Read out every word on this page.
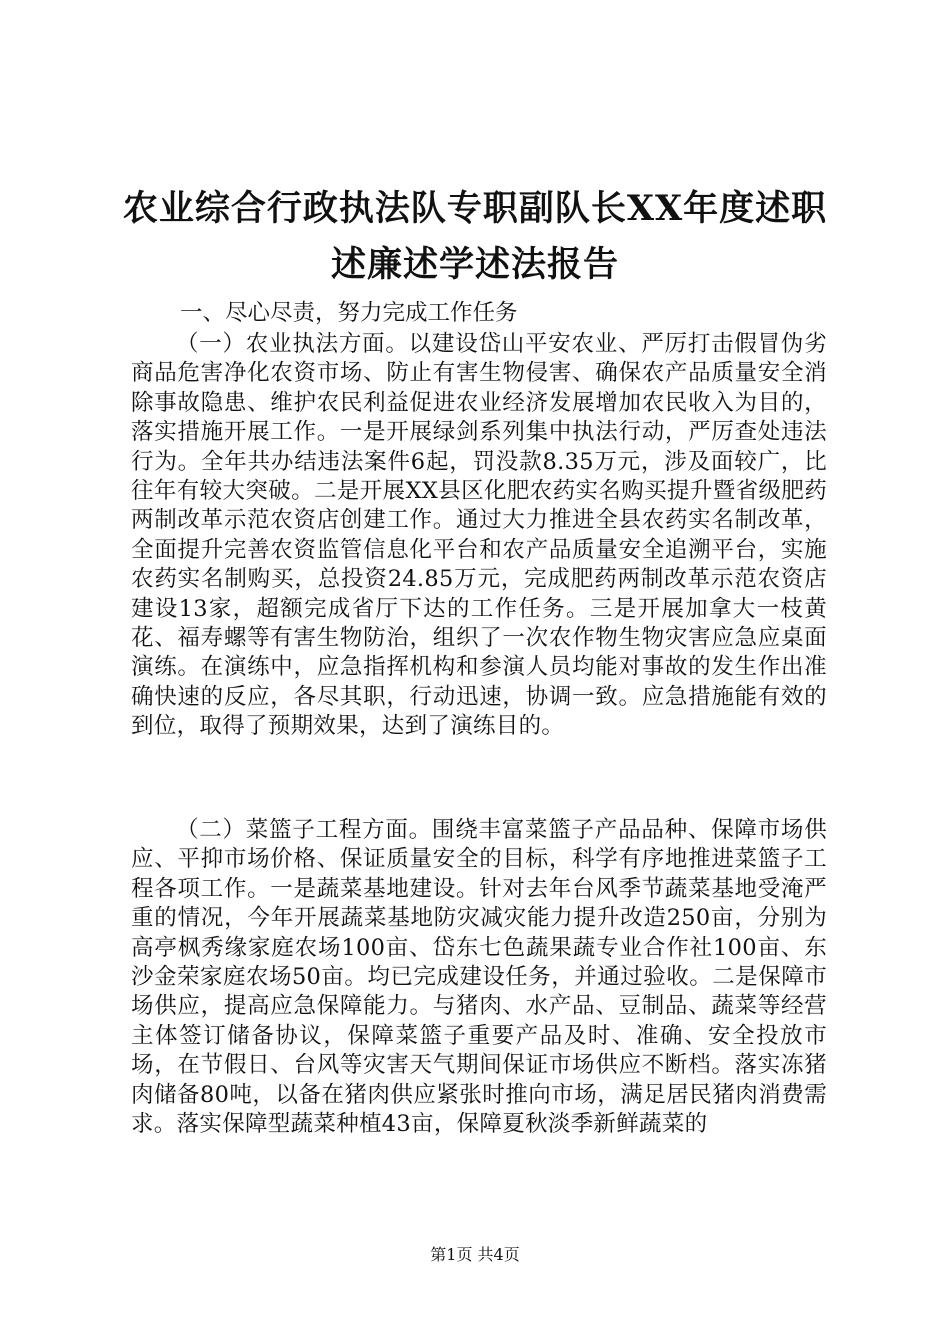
农业综合行政执法队专职副队长XX年度述职
述廉述学述法报告

一、尽心尽责，努力完成工作任务

（一）农业执法方面。以建设岱山平安农业、严厉打击假冒伪劣商品危害净化农资市场、防止有害生物侵害、确保农产品质量安全消除事故隐患、维护农民利益促进农业经济发展增加农民收入为目的，落实措施开展工作。一是开展绿剑系列集中执法行动，严厉查处违法行为。全年共办结违法案件6起，罚没款8.35万元，涉及面较广，比往年有较大突破。二是开展XX县区化肥农药实名购买提升暨省级肥药两制改革示范农资店创建工作。通过大力推进全县农药实名制改革，全面提升完善农资监管信息化平台和农产品质量安全追溯平台，实施农药实名制购买，总投资24.85万元，完成肥药两制改革示范农资店建设13家，超额完成省厅下达的工作任务。三是开展加拿大一枝黄花、福寿螺等有害生物防治，组织了一次农作物生物灾害应急应桌面演练。在演练中，应急指挥机构和参演人员均能对事故的发生作出准确快速的反应，各尽其职，行动迅速，协调一致。应急措施能有效的到位，取得了预期效果，达到了演练目的。

（二）菜篮子工程方面。围绕丰富菜篮子产品品种、保障市场供应、平抑市场价格、保证质量安全的目标，科学有序地推进菜篮子工程各项工作。一是蔬菜基地建设。针对去年台风季节蔬菜基地受淹严重的情况，今年开展蔬菜基地防灾减灾能力提升改造250亩，分别为高亭枫秀缘家庭农场100亩、岱东七色蔬果蔬专业合作社100亩、东沙金荣家庭农场50亩。均已完成建设任务，并通过验收。二是保障市场供应，提高应急保障能力。与猪肉、水产品、豆制品、蔬菜等经营主体签订储备协议，保障菜篮子重要产品及时、准确、安全投放市场，在节假日、台风等灾害天气期间保证市场供应不断档。落实冻猪肉储备80吨，以备在猪肉供应紧张时推向市场，满足居民猪肉消费需求。落实保障型蔬菜种植43亩，保障夏秋淡季新鲜蔬菜的

第1页 共4页
